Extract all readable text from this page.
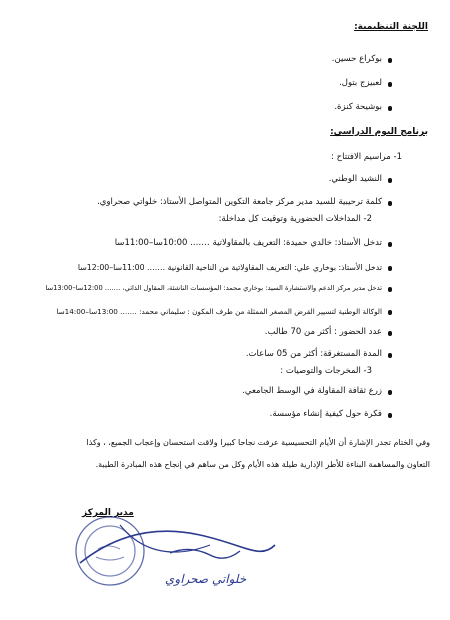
اللجنة التنظيمية:
بوكراع حسين.
لعبيزج بتول.
بوشيحة كنزة.
برنامج اليوم الدراسي:
1- مراسيم الافتتاح :
النشيد الوطني.
كلمة ترحيبية للسيد مدير مركز جامعة التكوين المتواصل الأستاذ: خلواتي صحراوي.
2- المداخلات الحضورية وتوقيت كل مداخلة:
تدخل الأستاذ: خالدي حميدة: التعريف بالمقاولاتية ……. 10:00سا–11:00سا
تدخل الأستاذ: بوخاري علي: التعريف المقاولاتية من الناحية القانونية ……. 11:00سا–12:00سا
تدخل مدير مركز الدعم والاستشارة السيد: بوخاري محمد: المؤسسات الناشئة، المقاول الذاتي، ……. 12:00سا–13:00سا
الوكالة الوطنية لتسيير القرض المصغر الممثلة من طرف المكون : سليماني محمد: ……. 13:00سا–14:00سا
عدد الحضور : أكثر من 70 طالب.
المدة المستغرقة: أكثر من 05 ساعات.
3- المخرجات والتوصيات :
زرع ثقافة المقاولة في الوسط الجامعي.
فكرة حول كيفية إنشاء مؤسسة.
وفي الختام تجدر الإشارة أن الأيام التحسيسية عرفت نجاحا كبيرا ولاقت استحسان وإعجاب الجميع، ، وكذا
التعاون والمساهمة البناءة للأطر الإدارية طيلة هذه الأيام وكل من ساهم في إنجاح هذه المبادرة الطيبة.
مدير المركز
خلواتي صحراوي
